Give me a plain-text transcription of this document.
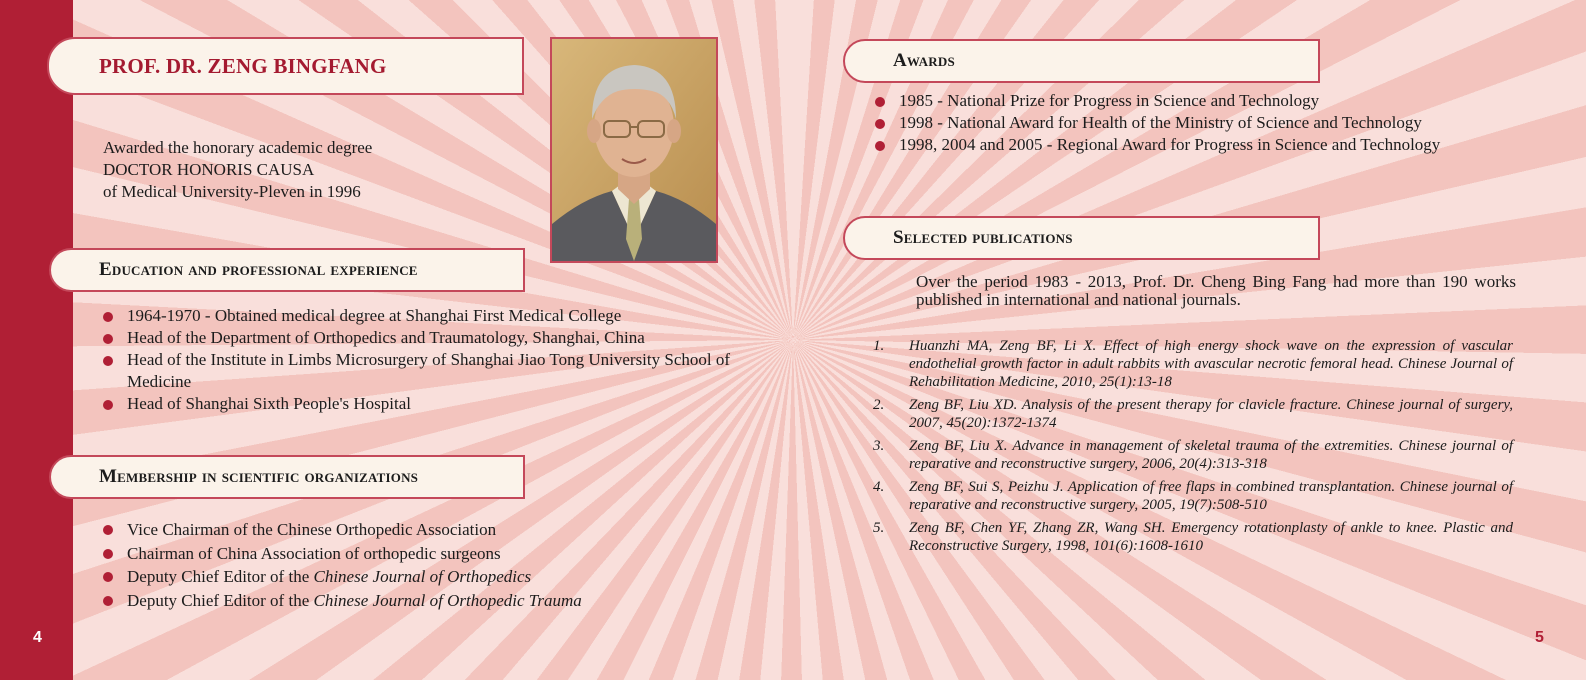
4	5
PROF. DR. ZENG BINGFANG
Awarded the honorary academic degree
DOCTOR HONORIS CAUSA
of Medical University-Pleven in 1996
Education and professional experience
1964-1970 - Obtained medical degree at Shanghai First Medical College
Head of the Department of Orthopedics and Traumatology, Shanghai, China
Head of the Institute in Limbs Microsurgery of Shanghai Jiao Tong University School of Medicine
Head of Shanghai Sixth People's Hospital
Membership in scientific organizations
Vice Chairman of the Chinese Orthopedic Association
Chairman of China Association of orthopedic surgeons
Deputy Chief Editor of the Chinese Journal of Orthopedics
Deputy Chief Editor of the Chinese Journal of Orthopedic Trauma
Awards
1985 - National Prize for Progress in Science and Technology
1998 - National Award for Health of the Ministry of Science and Technology
1998, 2004 and 2005 - Regional Award for Progress in Science and Technology
Selected publications
Over the period 1983 - 2013, Prof. Dr. Cheng Bing Fang had more than 190 works published in international and national journals.
1. Huanzhi MA, Zeng BF, Li X. Effect of high energy shock wave on the expression of vascular endothelial growth factor in adult rabbits with avascular necrotic femoral head. Chinese Journal of Rehabilitation Medicine, 2010, 25(1):13-18
2. Zeng BF, Liu XD. Analysis of the present therapy for clavicle fracture. Chinese journal of surgery, 2007, 45(20):1372-1374
3. Zeng BF, Liu X. Advance in management of skeletal trauma of the extremities. Chinese journal of reparative and reconstructive surgery, 2006, 20(4):313-318
4. Zeng BF, Sui S, Peizhu J. Application of free flaps in combined transplantation. Chinese journal of reparative and reconstructive surgery, 2005, 19(7):508-510
5. Zeng BF, Chen YF, Zhang ZR, Wang SH. Emergency rotationplasty of ankle to knee. Plastic and Reconstructive Surgery, 1998, 101(6):1608-1610
